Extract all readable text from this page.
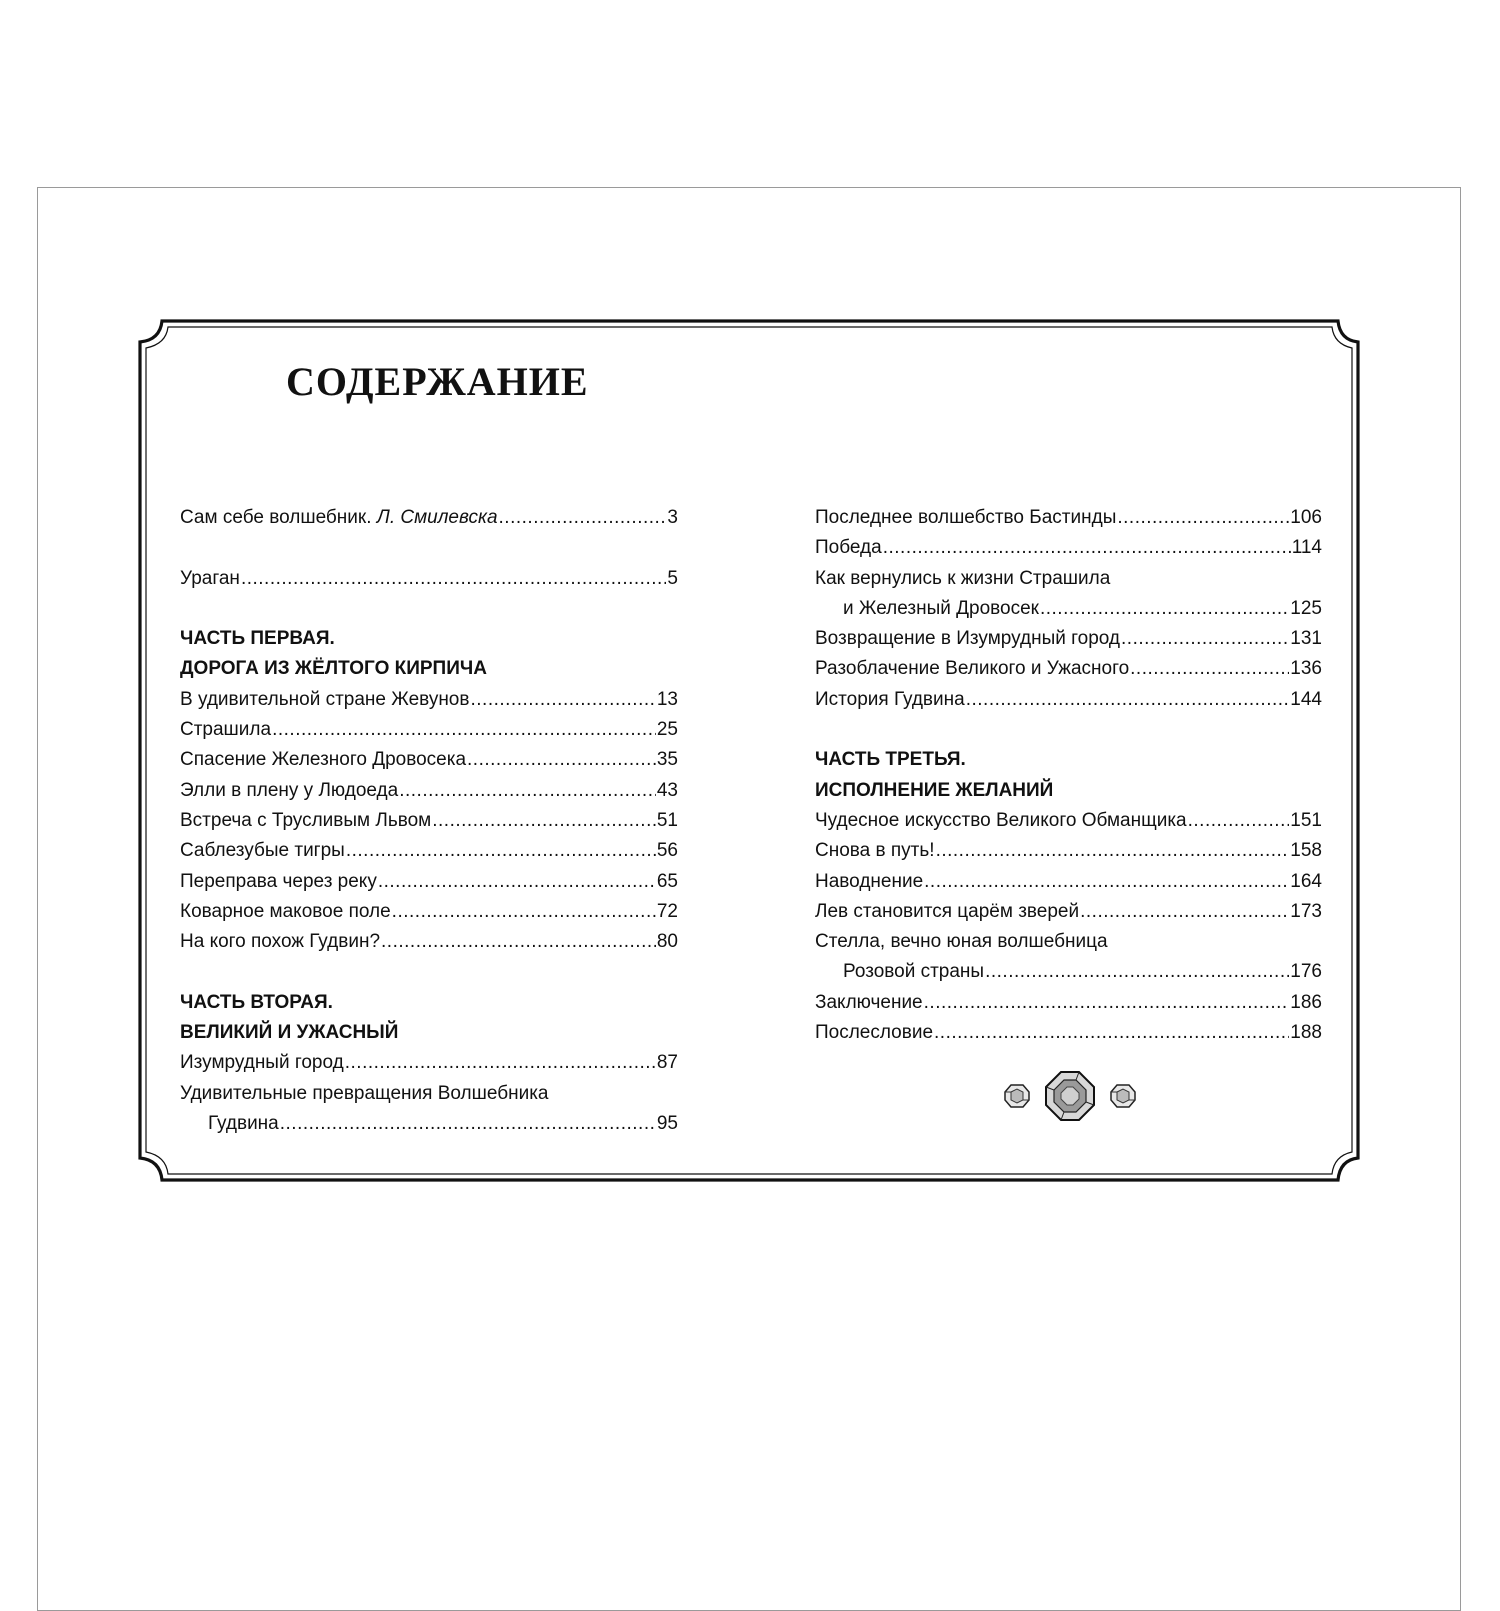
СОДЕРЖАНИЕ
Сам себе волшебник. Л. Смилевска .....	3
Ураган .....	5
ЧАСТЬ ПЕРВАЯ.
ДОРОГА ИЗ ЖЁЛТОГО КИРПИЧА
В удивительной стране Жевунов .....	13
Страшила .....	25
Спасение Железного Дровосека .....	35
Элли в плену у Людоеда .....	43
Встреча с Трусливым Львом .....	51
Саблезубые тигры .....	56
Переправа через реку .....	65
Коварное маковое поле .....	72
На кого похож Гудвин? .....	80
ЧАСТЬ ВТОРАЯ.
ВЕЛИКИЙ И УЖАСНЫЙ
Изумрудный город .....	87
Удивительные превращения Волшебника
Гудвина .....	95
Последнее волшебство Бастинды .....	106
Победа .....	114
Как вернулись к жизни Страшила
и Железный Дровосек .....	125
Возвращение в Изумрудный город .....	131
Разоблачение Великого и Ужасного .....	136
История Гудвина .....	144
ЧАСТЬ ТРЕТЬЯ.
ИСПОЛНЕНИЕ ЖЕЛАНИЙ
Чудесное искусство Великого Обманщика .....	151
Снова в путь! .....	158
Наводнение .....	164
Лев становится царём зверей .....	173
Стелла, вечно юная волшебница
Розовой страны .....	176
Заключение .....	186
Послесловие .....	188
